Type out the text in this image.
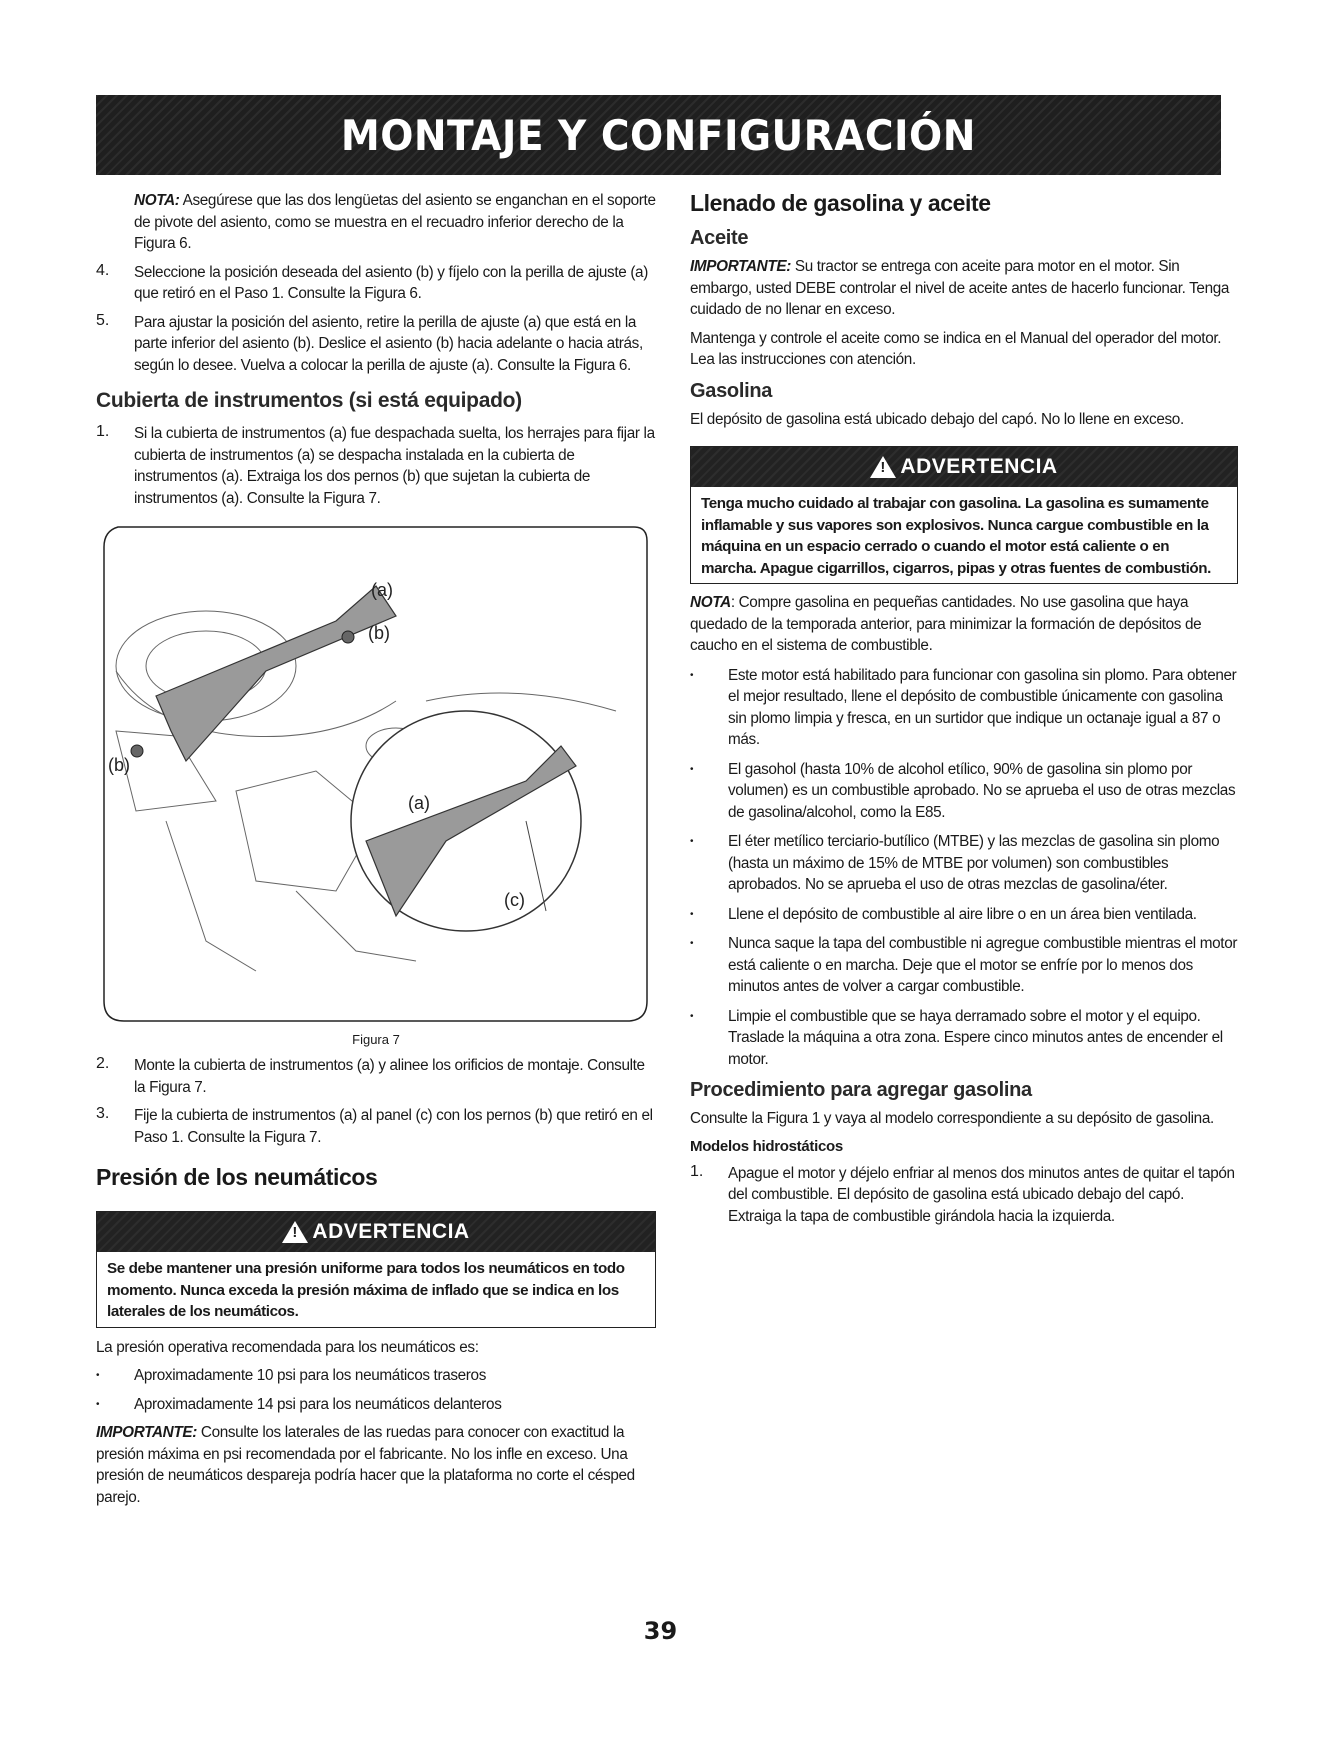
MONTAJE Y CONFIGURACIÓN

NOTA: Asegúrese que las dos lengüetas del asiento se enganchan en el soporte de pivote del asiento, como se muestra en el recuadro inferior derecho de la Figura 6.

4.	Seleccione la posición deseada del asiento (b) y fíjelo con la perilla de ajuste (a) que retiró en el Paso 1. Consulte la Figura 6.

5.	Para ajustar la posición del asiento, retire la perilla de ajuste (a) que está en la parte inferior del asiento (b). Deslice el asiento (b) hacia adelante o hacia atrás, según lo desee. Vuelva a colocar la perilla de ajuste (a). Consulte la Figura 6.

Cubierta de instrumentos (si está equipado)
1.	Si la cubierta de instrumentos (a) fue despachada suelta, los herrajes para fijar la cubierta de instrumentos (a) se despacha instalada en la cubierta de instrumentos (a). Extraiga los dos pernos (b) que sujetan la cubierta de instrumentos (a). Consulte la Figura 7.

(a)
(b)
(b)
(a)
(c)
Figura 7
2.	Monte la cubierta de instrumentos (a) y alinee los orificios de montaje. Consulte la Figura 7.

3.	Fije la cubierta de instrumentos (a) al panel (c) con los pernos (b) que retiró en el Paso 1. Consulte la Figura 7.

Presión de los neumáticos
!
ADVERTENCIA
Se debe mantener una presión uniforme para todos los neumáticos en todo momento. Nunca exceda la presión máxima de inflado que se indica en los laterales de los neumáticos.

La presión operativa recomendada para los neumáticos es:

•	Aproximadamente 10 psi para los neumáticos traseros

•	Aproximadamente 14 psi para los neumáticos delanteros

IMPORTANTE: Consulte los laterales de las ruedas para conocer con exactitud la presión máxima en psi recomendada por el fabricante. No los infle en exceso. Una presión de neumáticos despareja podría hacer que la plataforma no corte el césped parejo.

Llenado de gasolina y aceite
Aceite

IMPORTANTE: Su tractor se entrega con aceite para motor en el motor. Sin embargo, usted DEBE controlar el nivel de aceite antes de hacerlo funcionar. Tenga cuidado de no llenar en exceso.

Mantenga y controle el aceite como se indica en el Manual del operador del motor. Lea las instrucciones con atención.

Gasolina

El depósito de gasolina está ubicado debajo del capó. No lo llene en exceso.

!
ADVERTENCIA
Tenga mucho cuidado al trabajar con gasolina. La gasolina es sumamente inflamable y sus vapores son explosivos. Nunca cargue combustible en la máquina en un espacio cerrado o cuando el motor está caliente o en marcha. Apague cigarrillos, cigarros, pipas y otras fuentes de combustión.

NOTA: Compre gasolina en pequeñas cantidades. No use gasolina que haya quedado de la temporada anterior, para minimizar la formación de depósitos de caucho en el sistema de combustible.

•	Este motor está habilitado para funcionar con gasolina sin plomo. Para obtener el mejor resultado, llene el depósito de combustible únicamente con gasolina sin plomo limpia y fresca, en un surtidor que indique un octanaje igual a 87 o más.

•	El gasohol (hasta 10% de alcohol etílico, 90% de gasolina sin plomo por volumen) es un combustible aprobado. No se aprueba el uso de otras mezclas de gasolina/alcohol, como la E85.

•	El éter metílico terciario-butílico (MTBE) y las mezclas de gasolina sin plomo (hasta un máximo de 15% de MTBE por volumen) son combustibles aprobados. No se aprueba el uso de otras mezclas de gasolina/éter.

•	Llene el depósito de combustible al aire libre o en un área bien ventilada.

•	Nunca saque la tapa del combustible ni agregue combustible mientras el motor está caliente o en marcha. Deje que el motor se enfríe por lo menos dos minutos antes de volver a cargar combustible.

•	Limpie el combustible que se haya derramado sobre el motor y el equipo. Traslade la máquina a otra zona. Espere cinco minutos antes de encender el motor.

Procedimiento para agregar gasolina

Consulte la Figura 1 y vaya al modelo correspondiente a su depósito de gasolina.

Modelos hidrostáticos
1.	Apague el motor y déjelo enfriar al menos dos minutos antes de quitar el tapón del combustible. El depósito de gasolina está ubicado debajo del capó. Extraiga la tapa de combustible girándola hacia la izquierda.

39
